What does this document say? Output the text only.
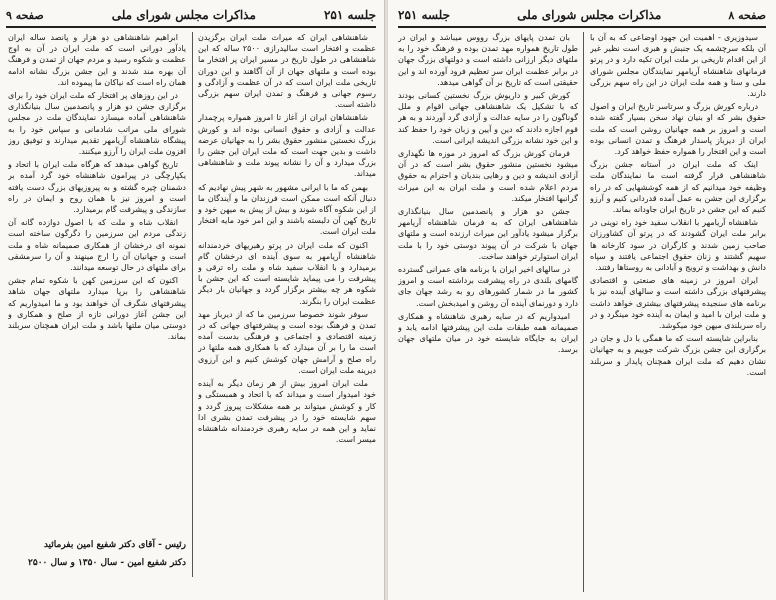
جلسه ۲۵۱
مذاکرات مجلس شورای ملی
صفحه ۹

شاهنشاهی ایران که میراث ملت ایران برگزیدن عظمت و افتخار است سالیدرازی ۲۵۰۰ ساله که این شاهنشاهی در طول تاریخ در مسیر ایران پر افتخار ما بوده است و ملتهای جهان از آن آگاهند و این دوران تاریخی ملت ایران است که در آن عظمت و آزادگی و رسوم جهانی و فرهنگ و تمدن ایران سهم بزرگی داشته است.

شاهنشاهان ایران از آغاز تا امروز همواره پرچمدار عدالت و آزادی و حقوق انسانی بوده اند و کورش بزرگ نخستین منشور حقوق بشر را به جهانیان عرضه داشت و بدین جهت است که ملت ایران این جشن را بزرگ میدارد و آن را نشانه پیوند ملت و شاهنشاهی میداند.

بهمن که ما با ایرانی مشهور به شهر پیش نهادیم که دنبال آنکه است ممکن است فرزندان ما و آیندگان ما از این شکوه آگاه شوند و بیش از پیش به میهن خود و تاریخ کهن آن دلبسته باشند و این امر خود مایه افتخار ملت ایران است.

اکنون که ملت ایران در پرتو رهبریهای خردمندانه شاهنشاه آریامهر به سوی آینده ای درخشان گام برمیدارد و با انقلاب سفید شاه و ملت راه ترقی و پیشرفت را می پیماید شایسته است که این جشن با شکوه هر چه بیشتر برگزار گردد و جهانیان بار دیگر عظمت ایران را بنگرند.

سوفر شوند خصوصا سرزمین ما که از دیرباز مهد تمدن و فرهنگ بوده است و پیشرفتهای جهانی که در زمینه اقتصادی و اجتماعی و فرهنگی بدست آمده است ما را بر آن میدارد که با همکاری همه ملتها در راه صلح و آرامش جهان کوشش کنیم و این آرزوی دیرینه ملت ایران است.

ملت ایران امروز بیش از هر زمان دیگر به آینده خود امیدوار است و میداند که با اتحاد و همبستگی و کار و کوشش میتواند بر همه مشکلات پیروز گردد و سهم شایسته خود را در پیشرفت تمدن بشری ادا نماید و این همه در سایه رهبری خردمندانه شاهنشاه میسر است.

ابراهیم شاهنشاهی دو هزار و پانصد ساله ایران یادآور دورانی است که ملت ایران در آن به اوج عظمت و شکوه رسید و مردم جهان از تمدن و فرهنگ آن بهره مند شدند و این جشن بزرگ نشانه ادامه همان راه است که نیاکان ما پیموده اند.

در این روزهای پر افتخار که ملت ایران خود را برای برگزاری جشن دو هزار و پانصدمین سال بنیانگذاری شاهنشاهی آماده میسازد نمایندگان ملت در مجلس شورای ملی مراتب شادمانی و سپاس خود را به پیشگاه شاهنشاه آریامهر تقدیم میدارند و توفیق روز افزون ملت ایران را آرزو میکنند.

تاریخ گواهی میدهد که هرگاه ملت ایران با اتحاد و یکپارچگی در پیرامون شاهنشاه خود گرد آمده بر دشمنان چیره گشته و به پیروزیهای بزرگ دست یافته است و امروز نیز با همان روح و ایمان در راه سازندگی و پیشرفت گام برمیدارد.

انقلاب شاه و ملت که با اصول دوازده گانه آن زندگی مردم این سرزمین را دگرگون ساخته است نمونه ای درخشان از همکاری صمیمانه شاه و ملت است و جهانیان آن را ارج مینهند و آن را سرمشقی برای ملتهای در حال توسعه میدانند.

اکنون که این سرزمین کهن با شکوه تمام جشن شاهنشاهی را برپا میدارد ملتهای جهان شاهد پیشرفتهای شگرف آن خواهند بود و ما امیدواریم که این جشن آغاز دورانی تازه از صلح و همکاری و دوستی میان ملتها باشد و ملت ایران همچنان سربلند بماند.

رئیس - آقای دکتر شفیع امین بفرمائید
دکتر شفیع امین - سال ۱۳۵۰ و سال ۲۵۰۰
صفحه ۸
مذاکرات مجلس شورای ملی
جلسه ۲۵۱

سیدوزیری - اهمیت این جهود اوضاعی که به آن با آن بلکه سرچشمه یک جنبش و هبری است نظیر غیر از این اقدام تاریخی بر ملت ایران تکیه دارد و در پرتو فرمانهای شاهنشاه آریامهر نمایندگان مجلس شورای ملی و سنا و همه ملت ایران در این راه سهم بزرگی دارند.

درباره کورش بزرگ و سرتاسر تاریخ ایران و اصول حقوق بشر که او بنیان نهاد سخن بسیار گفته شده است و امروز بر همه جهانیان روشن است که ملت ایران از دیرباز پاسدار فرهنگ و تمدن انسانی بوده است و این افتخار را همواره حفظ خواهد کرد.

اینک که ملت ایران در آستانه جشن بزرگ شاهنشاهی قرار گرفته است ما نمایندگان ملت وظیفه خود میدانیم که از همه کوششهایی که در راه برگزاری این جشن به عمل آمده قدردانی کنیم و آرزو کنیم که این جشن در تاریخ ایران جاودانه بماند.

شاهنشاه آریامهر با انقلاب سفید خود راه نوینی در برابر ملت ایران گشودند که در پرتو آن کشاورزان صاحب زمین شدند و کارگران در سود کارخانه ها سهیم گشتند و زنان حقوق اجتماعی یافتند و سپاه دانش و بهداشت و ترویج و آبادانی به روستاها رفتند.

ایران امروز در زمینه های صنعتی و اقتصادی پیشرفتهای بزرگی داشته است و سالهای آینده نیز با برنامه های سنجیده پیشرفتهای بیشتری خواهد داشت و ملت ایران با امید و ایمان به آینده خود مینگرد و در راه سربلندی میهن خود میکوشد.

بنابراین شایسته است که ما همگی با دل و جان در برگزاری این جشن بزرگ شرکت جوییم و به جهانیان نشان دهیم که ملت ایران همچنان پایدار و سربلند است.

بان تمدن پایهای بزرگ رووس میباشد و ایران در طول تاریخ همواره مهد تمدن بوده و فرهنگ خود را به ملتهای دیگر ارزانی داشته است و دولتهای بزرگ جهان در برابر عظمت ایران سر تعظیم فرود آورده اند و این حقیقتی است که تاریخ بر آن گواهی میدهد.

کورش کبیر و داریوش بزرگ نخستین کسانی بودند که با تشکیل یک شاهنشاهی جهانی اقوام و ملل گوناگون را در سایه عدالت و آزادی گرد آوردند و به هر قوم اجازه دادند که دین و آیین و زبان خود را حفظ کند و این خود نشانه بزرگی اندیشه ایرانی است.

فرمان کورش بزرگ که امروز در موزه ها نگهداری میشود نخستین منشور حقوق بشر است که در آن آزادی اندیشه و دین و رهایی بندیان و احترام به حقوق مردم اعلام شده است و ملت ایران به این میراث گرانبها افتخار میکند.

جشن دو هزار و پانصدمین سال بنیانگذاری شاهنشاهی ایران که به فرمان شاهنشاه آریامهر برگزار میشود یادآور این میراث ارزنده است و ملتهای جهان با شرکت در آن پیوند دوستی خود را با ملت ایران استوارتر خواهند ساخت.

در سالهای اخیر ایران با برنامه های عمرانی گسترده گامهای بلندی در راه پیشرفت برداشته است و امروز کشور ما در شمار کشورهای رو به رشد جهان جای دارد و دورنمای آینده آن روشن و امیدبخش است.

امیدواریم که در سایه رهبری شاهنشاه و همکاری صمیمانه همه طبقات ملت این پیشرفتها ادامه یابد و ایران به جایگاه شایسته خود در میان ملتهای جهان برسد.
